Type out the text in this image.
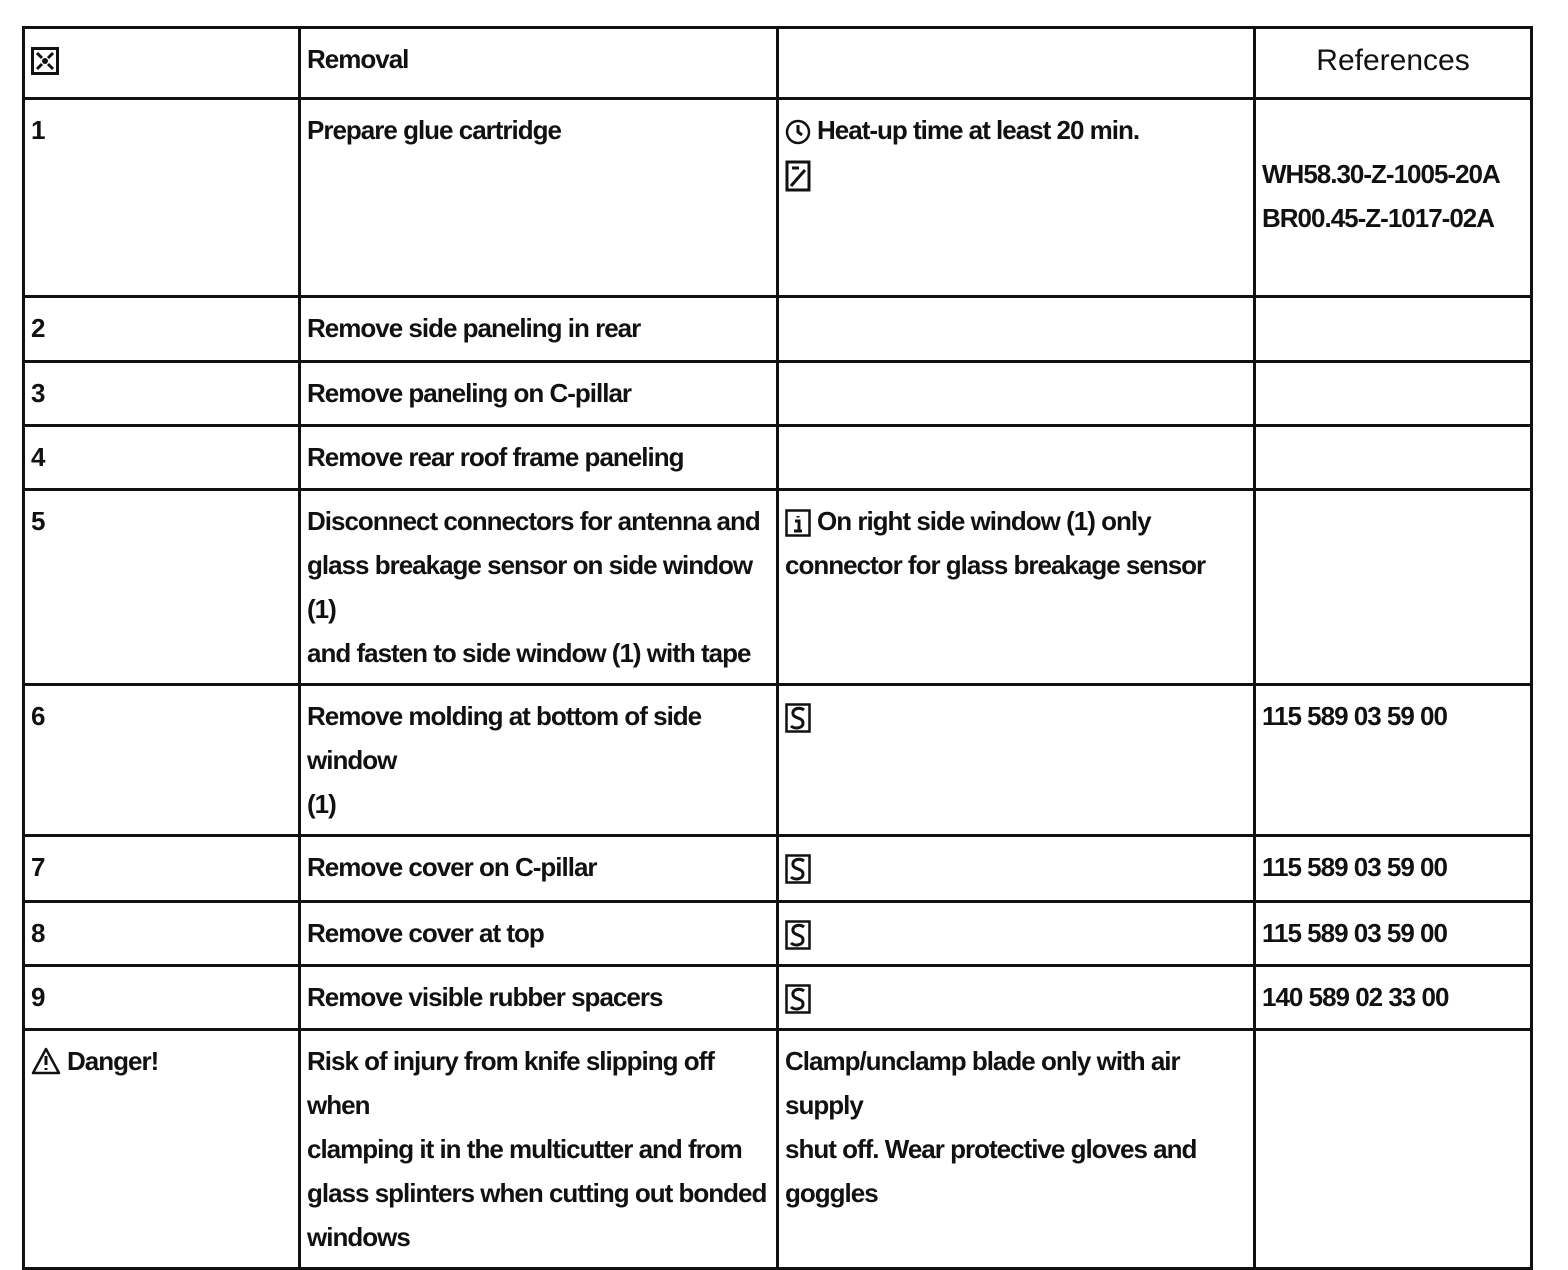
	Removal		References
1	Prepare glue cartridge	Heat-up time at least 20 min.	WH58.30-Z-1005-20A
BR00.45-Z-1017-02A

2	Remove side paneling in rear		
3	Remove paneling on C-pillar		
4	Remove rear roof frame paneling		
5	Disconnect connectors for antenna and
glass breakage sensor on side window (1)
and fasten to side window (1) with tape	On right side window (1) only
connector for glass breakage sensor	

6	Remove molding at bottom of side window
(1)		115 589 03 59 00
7	Remove cover on C-pillar		115 589 03 59 00
8	Remove cover at top		115 589 03 59 00
9	Remove visible rubber spacers		140 589 02 33 00

Danger!	Risk of injury from knife slipping off when
clamping it in the multicutter and from
glass splinters when cutting out bonded
windows	Clamp/unclamp blade only with air supply
shut off. Wear protective gloves and
goggles	
